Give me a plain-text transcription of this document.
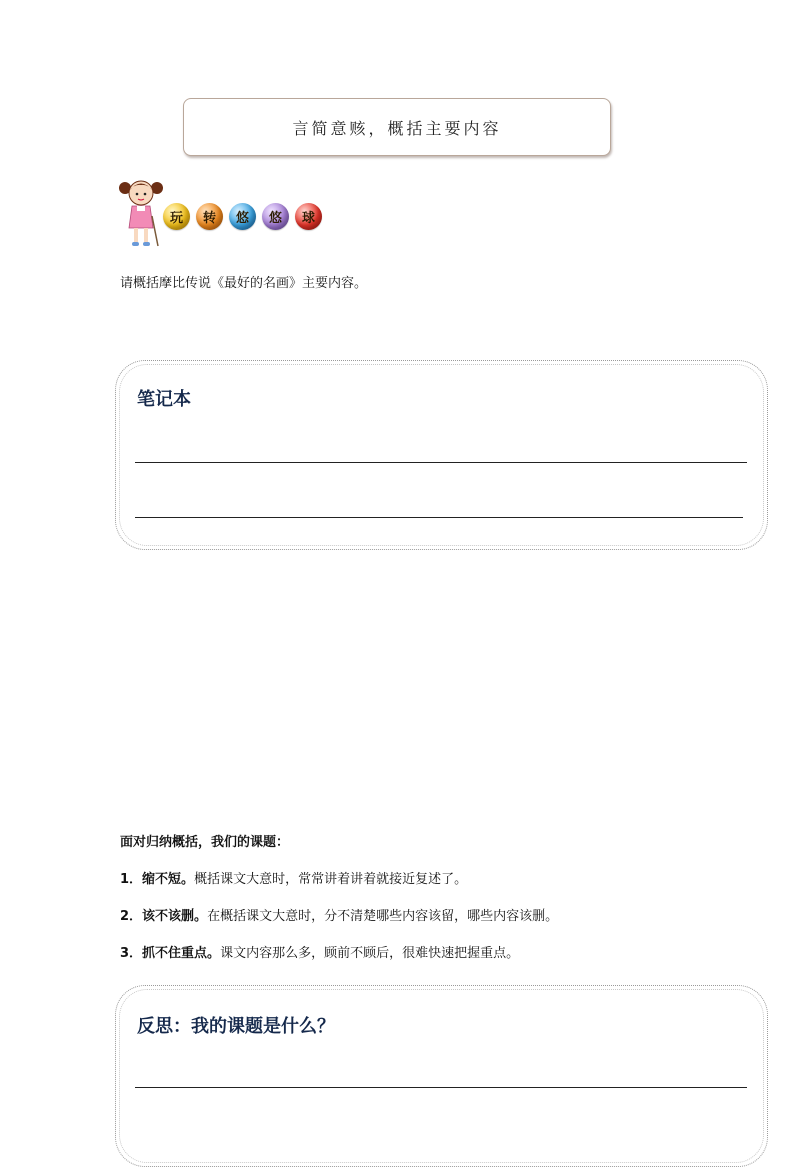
言简意赅，概括主要内容
玩 转 悠 悠 球
请概括摩比传说《最好的名画》主要内容。
笔记本
面对归纳概括，我们的课题：
1．缩不短。概括课文大意时，常常讲着讲着就接近复述了。
2．该不该删。在概括课文大意时，分不清楚哪些内容该留，哪些内容该删。
3．抓不住重点。课文内容那么多，顾前不顾后，很难快速把握重点。
反思：我的课题是什么？
